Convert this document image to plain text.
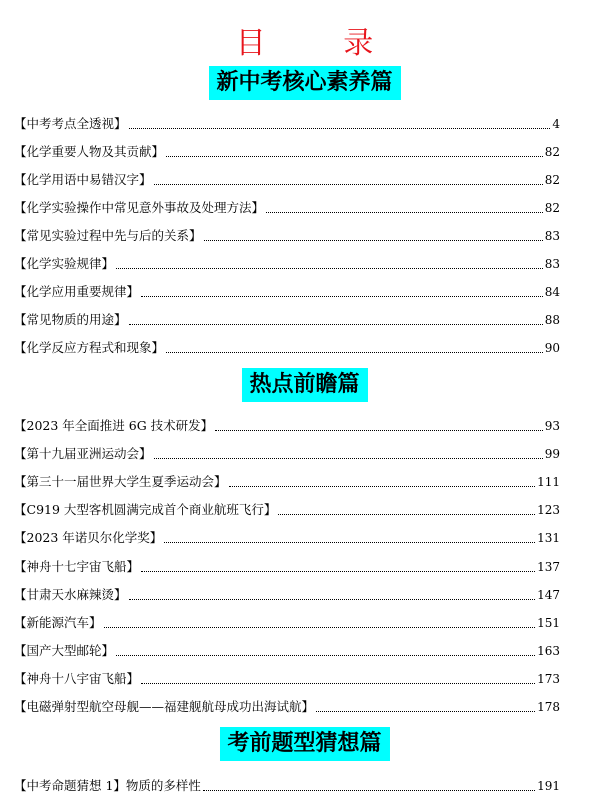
目 录
新中考核心素养篇
热点前瞻篇
考前题型猜想篇
【中考考点全透视】	4
【化学重要人物及其贡献】	82
【化学用语中易错汉字】	82
【化学实验操作中常见意外事故及处理方法】	82
【常见实验过程中先与后的关系】	83
【化学实验规律】	83
【化学应用重要规律】	84
【常见物质的用途】	88
【化学反应方程式和现象】	90
【2023 年全面推进 6G 技术研发】	93
【第十九届亚洲运动会】	99
【第三十一届世界大学生夏季运动会】	111
【C919 大型客机圆满完成首个商业航班飞行】	123
【2023 年诺贝尔化学奖】	131
【神舟十七宇宙飞船】	137
【甘肃天水麻辣烫】	147
【新能源汽车】	151
【国产大型邮轮】	163
【神舟十八宇宙飞船】	173
【电磁弹射型航空母舰——福建舰航母成功出海试航】	178
【中考命题猜想 1】物质的多样性	191
